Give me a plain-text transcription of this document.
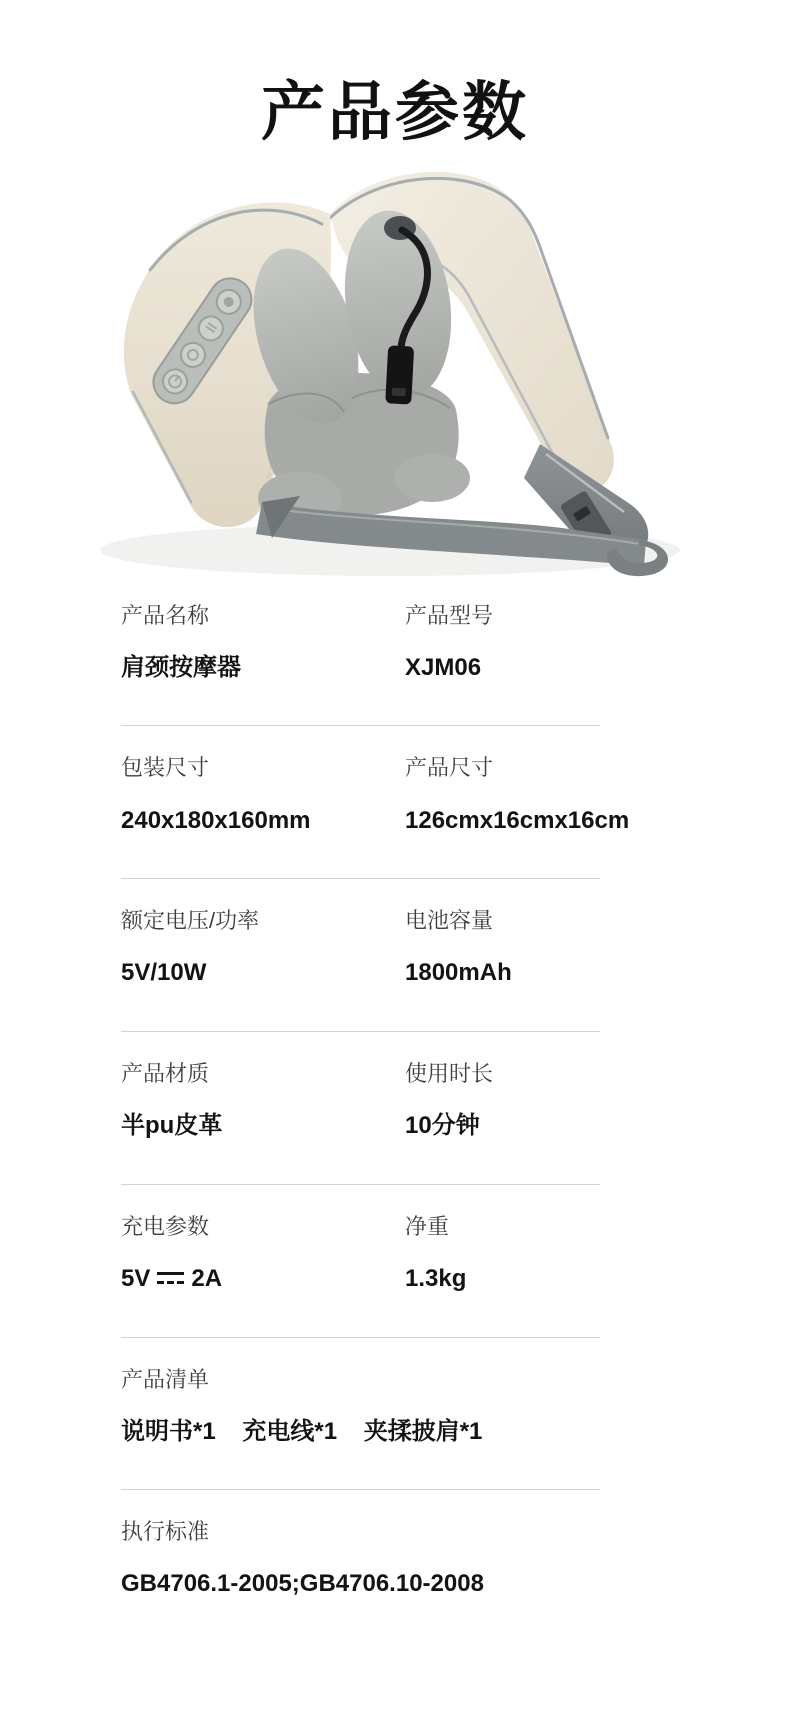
产品参数
产品名称
肩颈按摩器
产品型号
XJM06
包装尺寸
240x180x160mm
产品尺寸
126cmx16cmx16cm
额定电压/功率
5V/10W
电池容量
1800mAh
产品材质
半pu皮革
使用时长
10分钟
充电参数
5V 2A
净重
1.3kg
产品清单
说明书*1    充电线*1    夹揉披肩*1
执行标准
GB4706.1-2005;GB4706.10-2008
